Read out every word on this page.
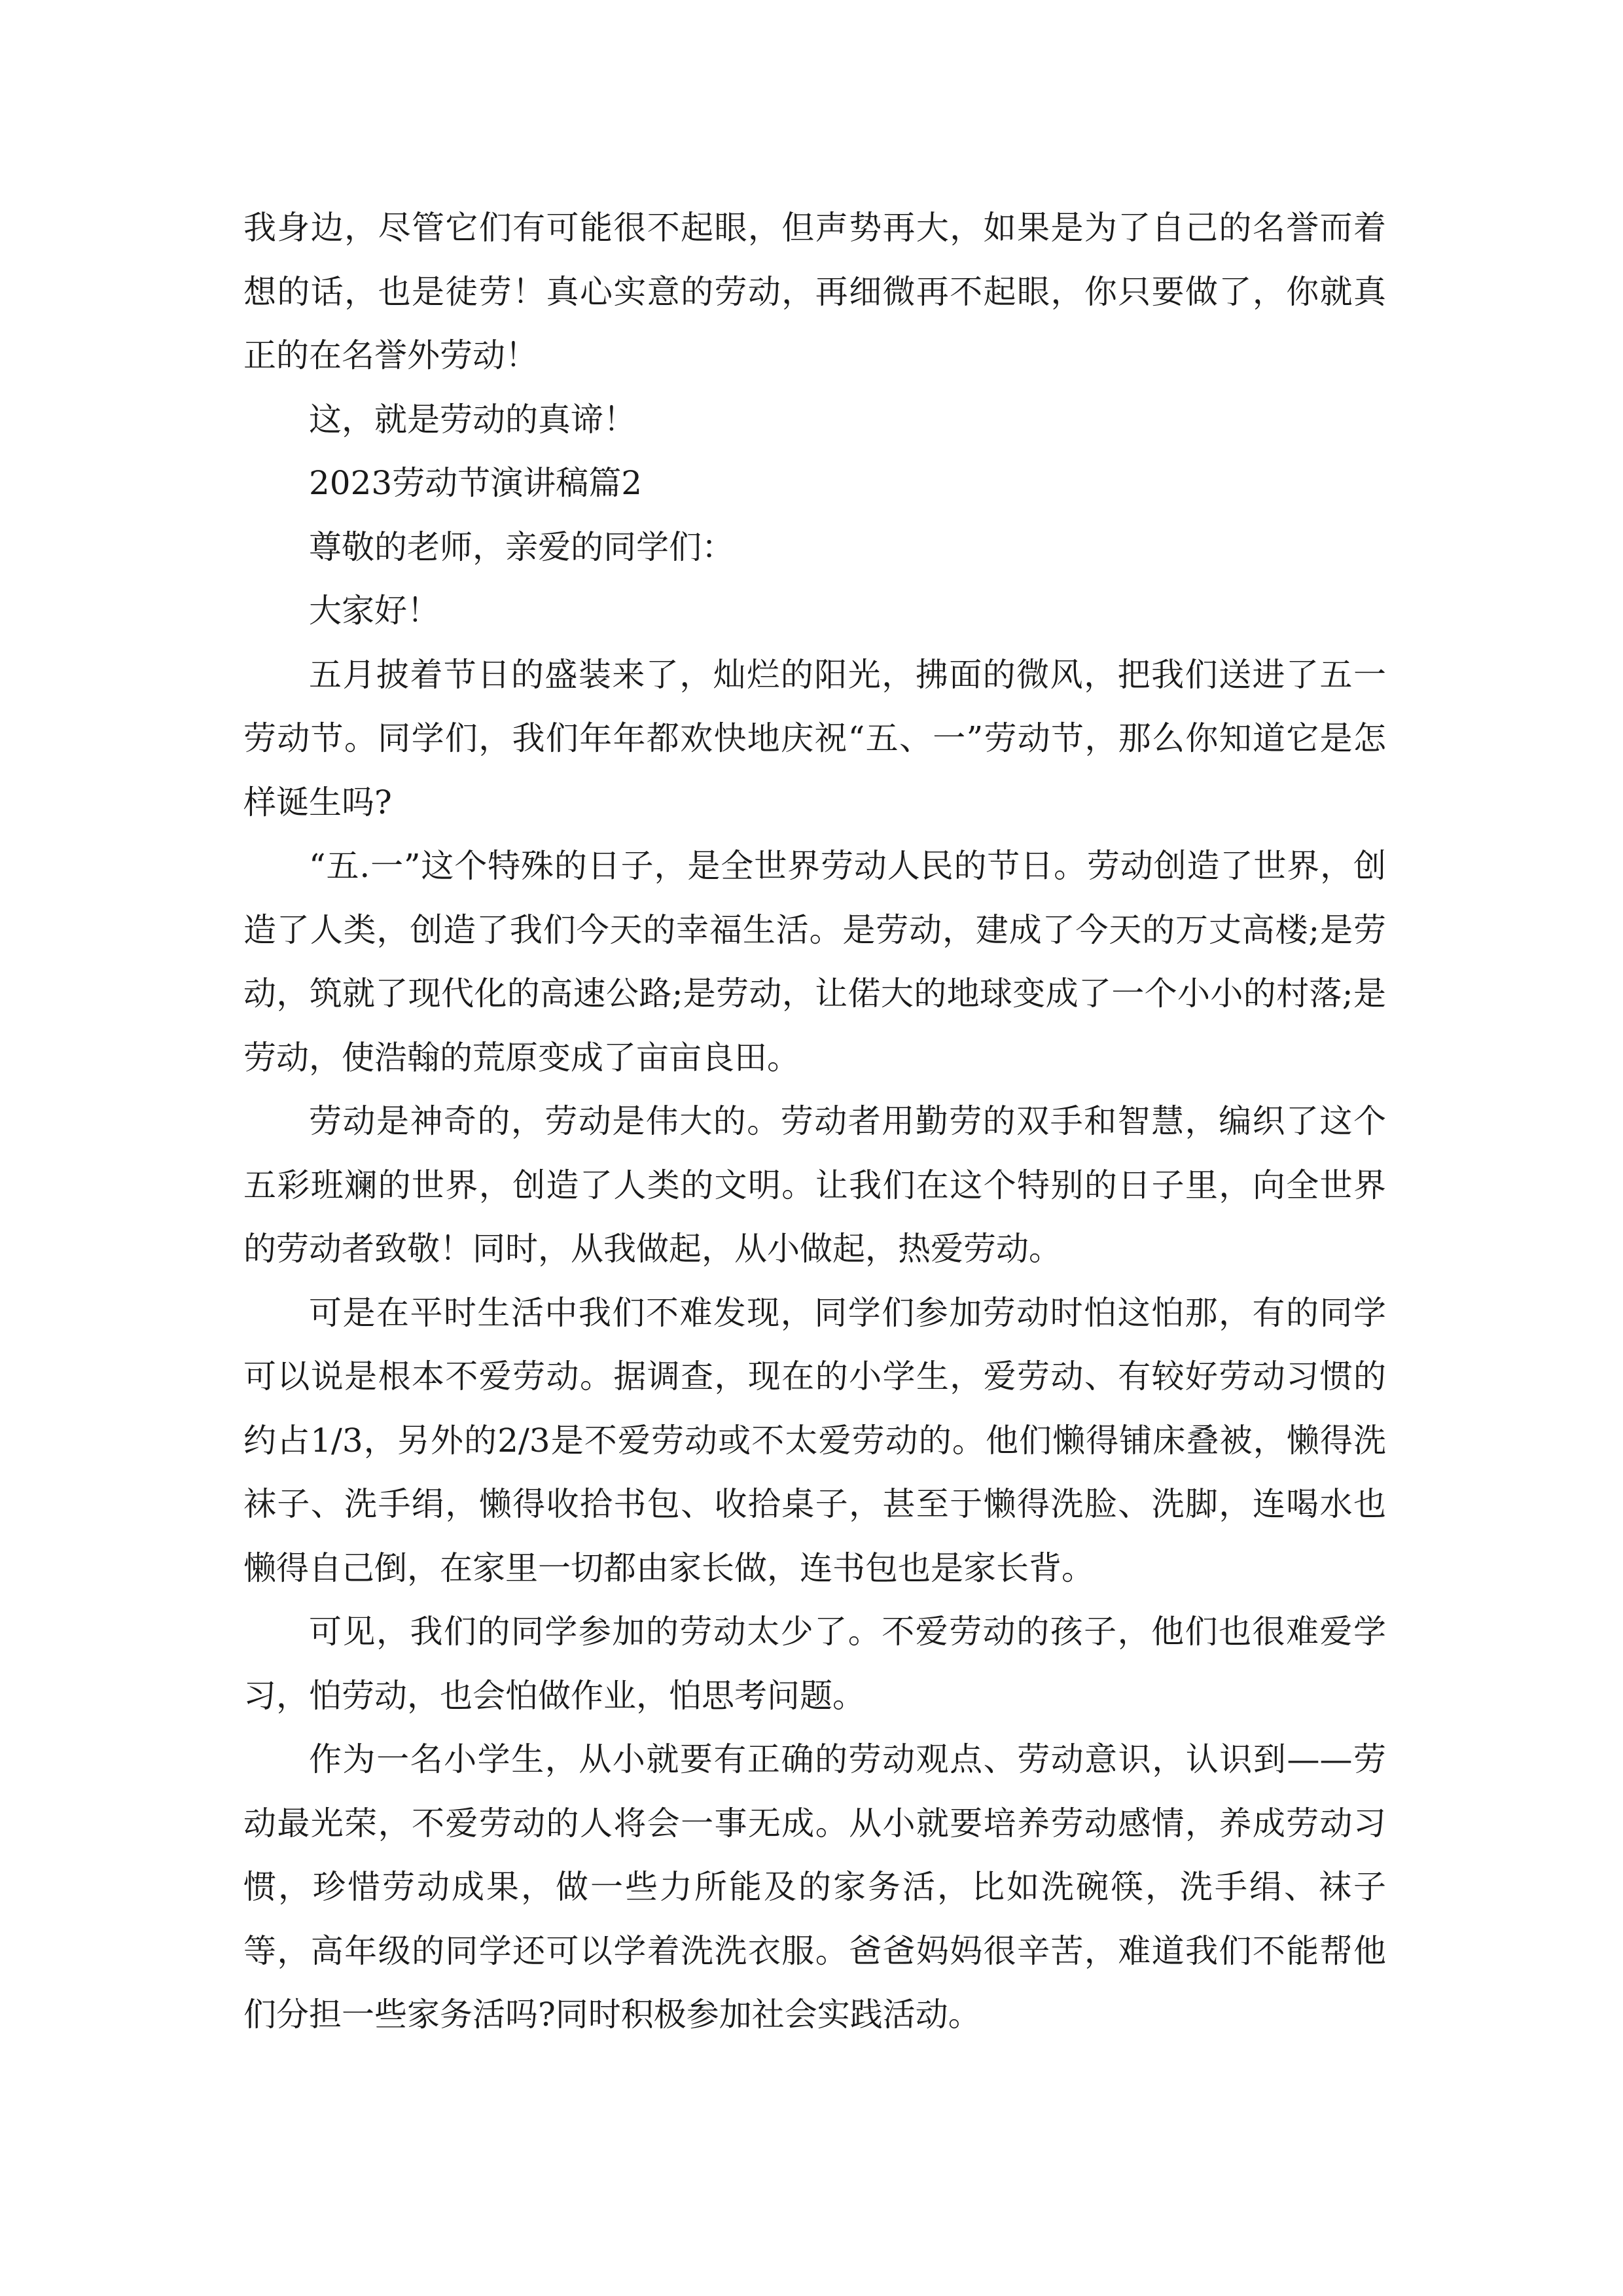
我身边，尽管它们有可能很不起眼，但声势再大，如果是为了自己的名誉而着想的话，也是徒劳！真心实意的劳动，再细微再不起眼，你只要做了，你就真正的在名誉外劳动！

这，就是劳动的真谛！

2023劳动节演讲稿篇2

尊敬的老师，亲爱的同学们：

大家好！

五月披着节日的盛装来了，灿烂的阳光，拂面的微风，把我们送进了五一劳动节。同学们，我们年年都欢快地庆祝“五、一”劳动节，那么你知道它是怎样诞生吗?

“五.一”这个特殊的日子，是全世界劳动人民的节日。劳动创造了世界，创造了人类，创造了我们今天的幸福生活。是劳动，建成了今天的万丈高楼;是劳动，筑就了现代化的高速公路;是劳动，让偌大的地球变成了一个小小的村落;是劳动，使浩翰的荒原变成了亩亩良田。

劳动是神奇的，劳动是伟大的。劳动者用勤劳的双手和智慧，编织了这个五彩班斓的世界，创造了人类的文明。让我们在这个特别的日子里，向全世界的劳动者致敬！同时，从我做起，从小做起，热爱劳动。

可是在平时生活中我们不难发现，同学们参加劳动时怕这怕那，有的同学可以说是根本不爱劳动。据调查，现在的小学生，爱劳动、有较好劳动习惯的约占1/3，另外的2/3是不爱劳动或不太爱劳动的。他们懒得铺床叠被，懒得洗袜子、洗手绢，懒得收拾书包、收拾桌子，甚至于懒得洗脸、洗脚，连喝水也懒得自己倒，在家里一切都由家长做，连书包也是家长背。

可见，我们的同学参加的劳动太少了。不爱劳动的孩子，他们也很难爱学习，怕劳动，也会怕做作业，怕思考问题。

作为一名小学生，从小就要有正确的劳动观点、劳动意识，认识到——劳动最光荣，不爱劳动的人将会一事无成。从小就要培养劳动感情，养成劳动习惯，珍惜劳动成果，做一些力所能及的家务活，比如洗碗筷，洗手绢、袜子等，高年级的同学还可以学着洗洗衣服。爸爸妈妈很辛苦，难道我们不能帮他们分担一些家务活吗?同时积极参加社会实践活动。
